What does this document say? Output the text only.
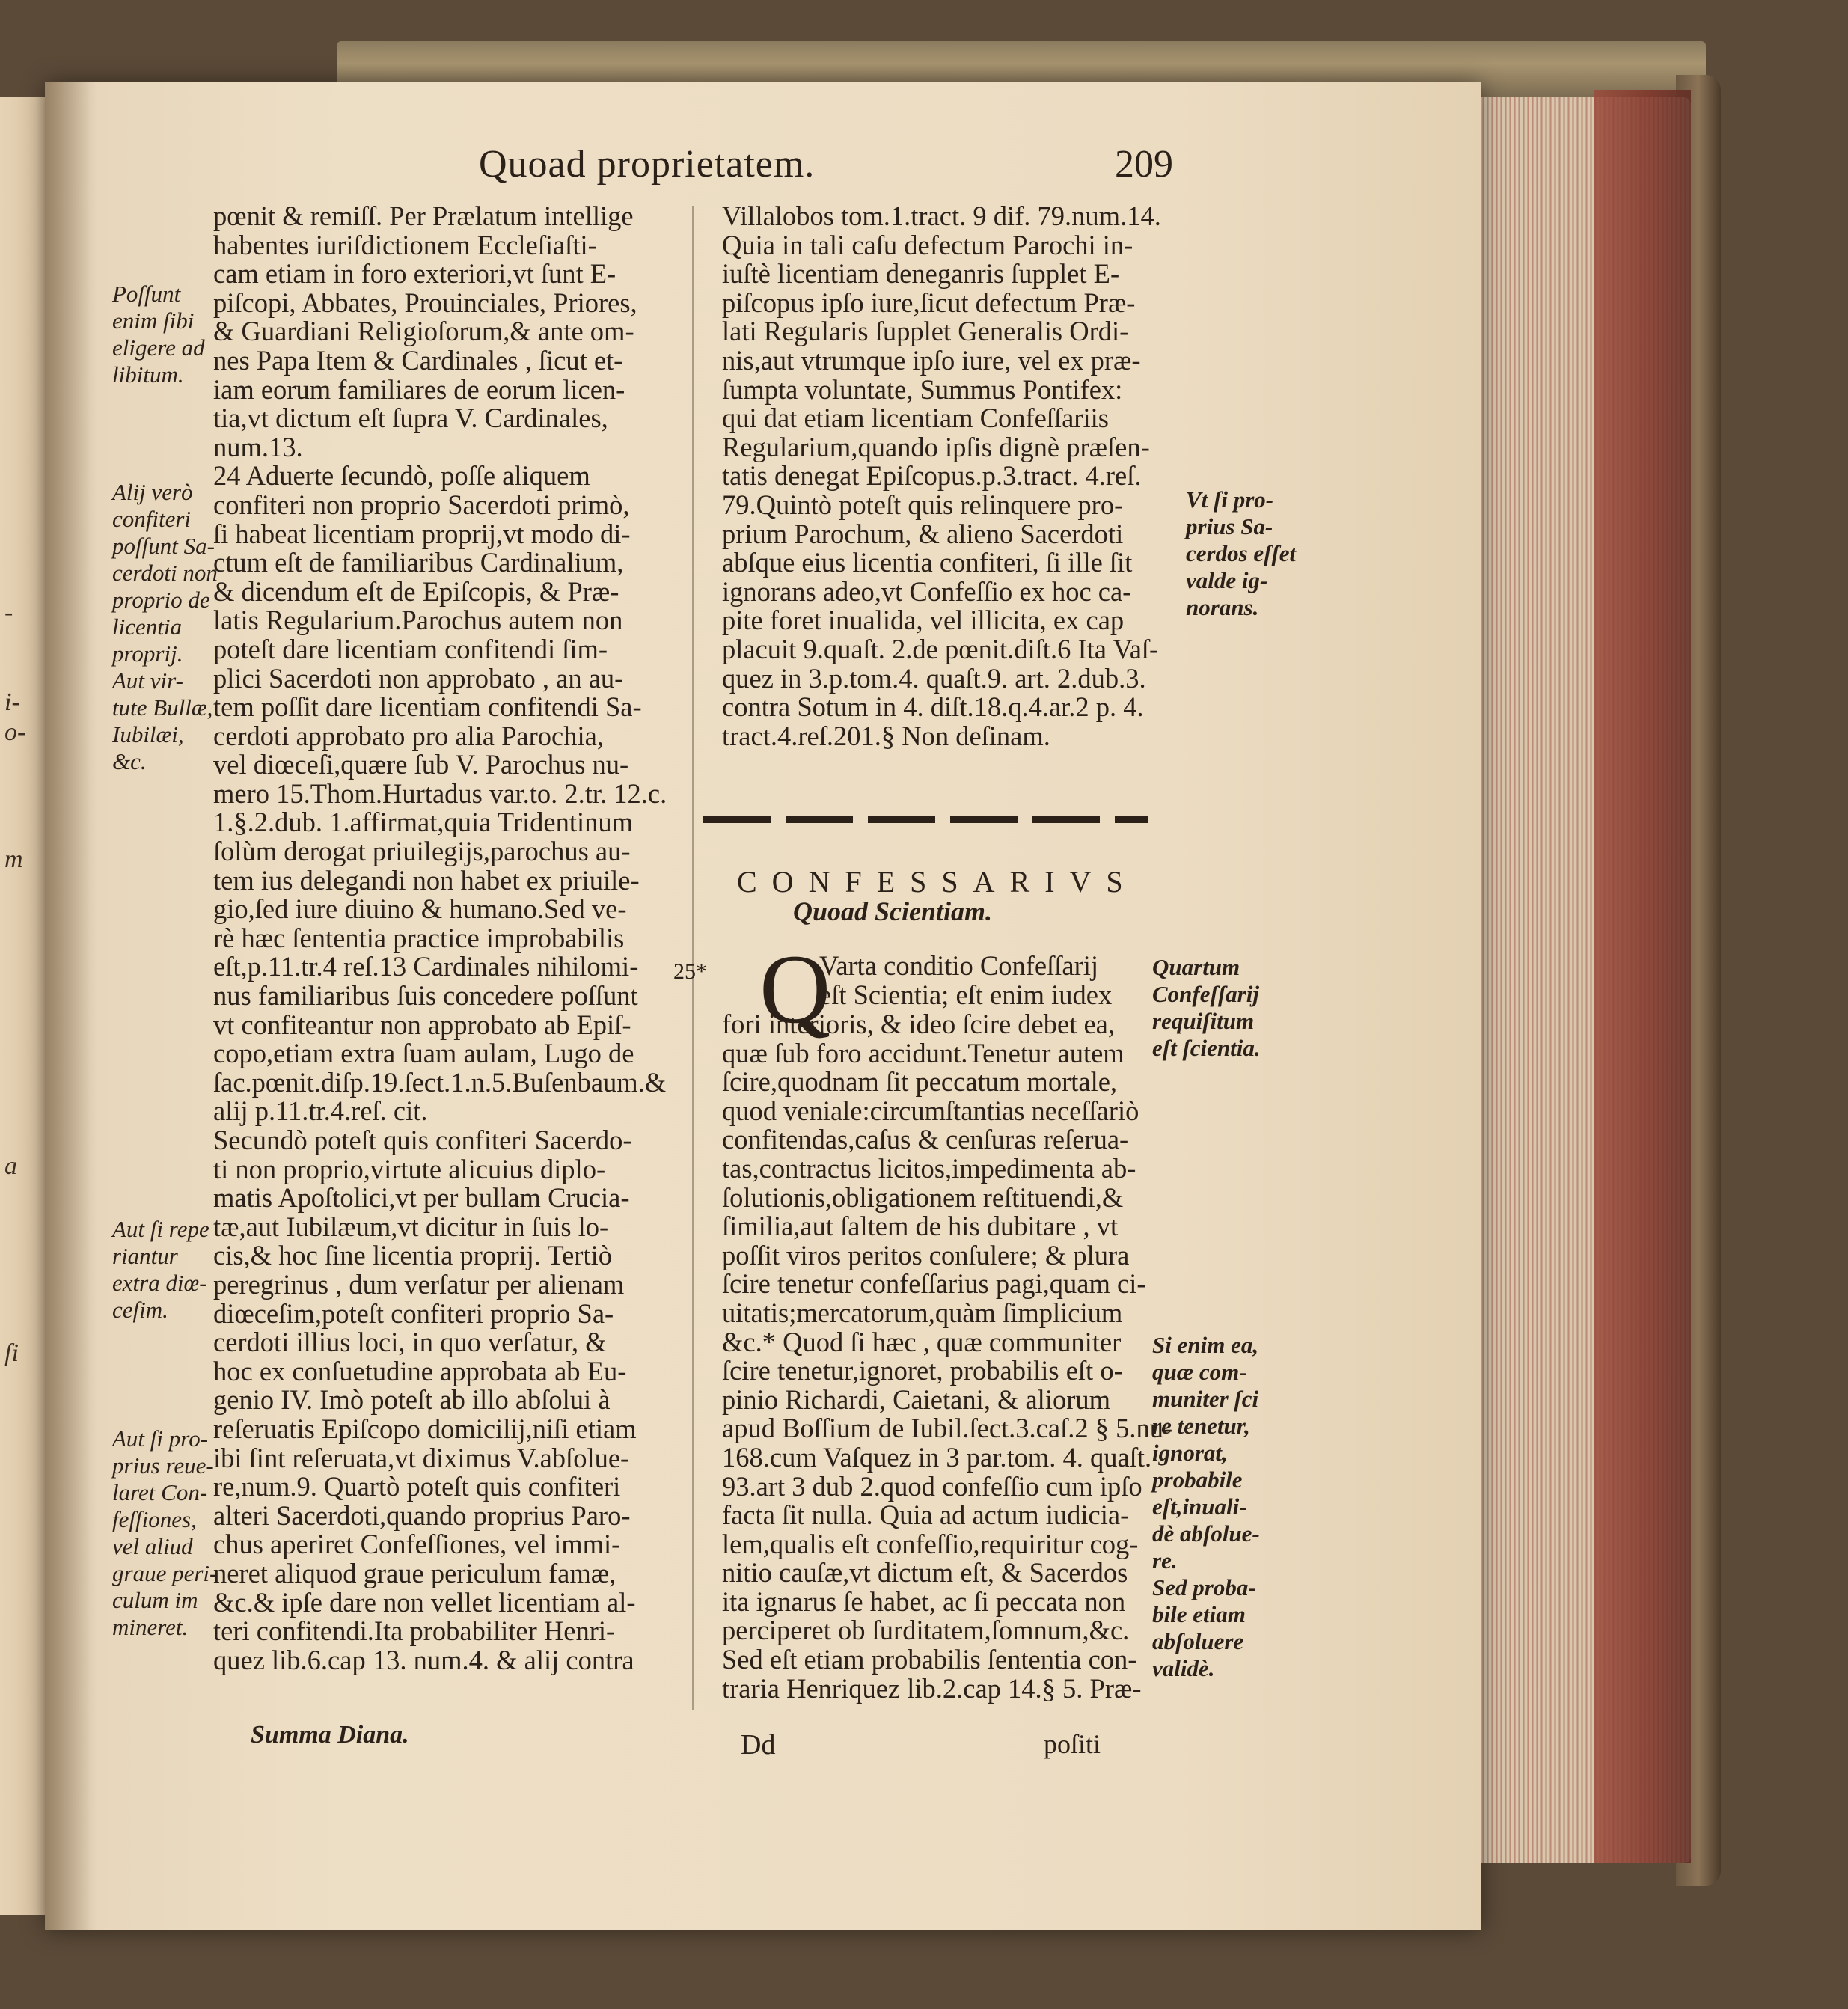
-
i-
o-
m
a
ſi
Quoad proprietatem.	209
pœnit & remiſſ. Per Prælatum intellige
habentes iuriſdictionem Eccleſiaſti-
cam etiam in foro exteriori,vt ſunt E-
piſcopi, Abbates, Prouinciales, Priores,
& Guardiani Religioſorum,& ante om-
nes Papa Item & Cardinales , ſicut et-
iam eorum familiares de eorum licen-
tia,vt dictum eſt ſupra V. Cardinales,
num.13.
24 Aduerte ſecundò, poſſe aliquem
confiteri non proprio Sacerdoti primò,
ſi habeat licentiam proprij,vt modo di-
ctum eſt de familiaribus Cardinalium,
& dicendum eſt de Epiſcopis, & Præ-
latis Regularium.Parochus autem non
poteſt dare licentiam confitendi ſim-
plici Sacerdoti non approbato , an au-
tem poſſit dare licentiam confitendi Sa-
cerdoti approbato pro alia Parochia,
vel diœceſi,quære ſub V. Parochus nu-
mero 15.Thom.Hurtadus var.to. 2.tr. 12.c.
1.§.2.dub. 1.affirmat,quia Tridentinum
ſolùm derogat priuilegijs,parochus au-
tem ius delegandi non habet ex priuile-
gio,ſed iure diuino & humano.Sed ve-
rè hæc ſententia practice improbabilis
eſt,p.11.tr.4 reſ.13 Cardinales nihilomi-
nus familiaribus ſuis concedere poſſunt
vt confiteantur non approbato ab Epiſ-
copo,etiam extra ſuam aulam, Lugo de
ſac.pœnit.diſp.19.ſect.1.n.5.Buſenbaum.&
alij p.11.tr.4.reſ. cit.
Secundò poteſt quis confiteri Sacerdo-
ti non proprio,virtute alicuius diplo-
matis Apoſtolici,vt per bullam Crucia-
tæ,aut Iubilæum,vt dicitur in ſuis lo-
cis,& hoc ſine licentia proprij. Tertiò
peregrinus , dum verſatur per alienam
diœceſim,poteſt confiteri proprio Sa-
cerdoti illius loci, in quo verſatur, &
hoc ex conſuetudine approbata ab Eu-
genio IV. Imò poteſt ab illo abſolui à
reſeruatis Epiſcopo domicilij,niſi etiam
ibi ſint reſeruata,vt diximus V.abſolue-
re,num.9. Quartò poteſt quis confiteri
alteri Sacerdoti,quando proprius Paro-
chus aperiret Confeſſiones, vel immi-
neret aliquod graue periculum famæ,
&c.& ipſe dare non vellet licentiam al-
teri confitendi.Ita probabiliter Henri-
quez lib.6.cap 13. num.4. & alij contra
Summa Diana.
Poſſunt
enim ſibi
eligere ad
libitum.
Alij verò
confiteri
poſſunt Sa-
cerdoti non
proprio de
licentia
proprij.
Aut vir-
tute Bullæ,
Iubilæi,
&c.
Aut ſi repe
riantur
extra diœ-
ceſim.
Aut ſi pro-
prius reue-
laret Con-
feſſiones,
vel aliud
graue peri-
culum im
mineret.
Villalobos tom.1.tract. 9 dif. 79.num.14.
Quia in tali caſu defectum Parochi in-
iuſtè licentiam deneganris ſupplet E-
piſcopus ipſo iure,ſicut defectum Præ-
lati Regularis ſupplet Generalis Ordi-
nis,aut vtrumque ipſo iure, vel ex præ-
ſumpta voluntate, Summus Pontifex:
qui dat etiam licentiam Confeſſariis
Regularium,quando ipſis dignè præſen-
tatis denegat Epiſcopus.p.3.tract. 4.reſ.
79.Quintò poteſt quis relinquere pro-
prium Parochum, & alieno Sacerdoti
abſque eius licentia confiteri, ſi ille ſit
ignorans adeo,vt Confeſſio ex hoc ca-
pite foret inualida, vel illicita, ex cap
placuit 9.quaſt. 2.de pœnit.diſt.6 Ita Vaſ-
quez in 3.p.tom.4. quaſt.9. art. 2.dub.3.
contra Sotum in 4. diſt.18.q.4.ar.2 p. 4.
tract.4.reſ.201.§ Non deſinam.
CONFESSARIVS
Quoad Scientiam.
25* Q
Varta conditio Confeſſarij
eſt Scientia; eſt enim iudex
fori interioris, & ideo ſcire debet ea,
quæ ſub foro accidunt.Tenetur autem
ſcire,quodnam ſit peccatum mortale,
quod veniale:circumſtantias neceſſariò
confitendas,caſus & cenſuras reſerua-
tas,contractus licitos,impedimenta ab-
ſolutionis,obligationem reſtituendi,&
ſimilia,aut ſaltem de his dubitare , vt
poſſit viros peritos conſulere; & plura
ſcire tenetur confeſſarius pagi,quam ci-
uitatis;mercatorum,quàm ſimplicium
&c.* Quod ſi hæc , quæ communiter
ſcire tenetur,ignoret, probabilis eſt o-
pinio Richardi, Caietani, & aliorum
apud Boſſium de Iubil.ſect.3.caſ.2 § 5.nu-
168.cum Vaſquez in 3 par.tom. 4. quaſt.
93.art 3 dub 2.quod confeſſio cum ipſo
facta ſit nulla. Quia ad actum iudicia-
lem,qualis eſt confeſſio,requiritur cog-
nitio cauſæ,vt dictum eſt, & Sacerdos
ita ignarus ſe habet, ac ſi peccata non
perciperet ob ſurditatem,ſomnum,&c.
Sed eſt etiam probabilis ſententia con-
traria Henriquez lib.2.cap 14.§ 5. Præ-
Vt ſi pro-
prius Sa-
cerdos eſſet
valde ig-
norans.
Quartum
Confeſſarij
requiſitum
eſt ſcientia.
Si enim ea,
quæ com-
muniter ſci
re tenetur,
ignorat,
probabile
eſt,inuali-
dè abſolue-
re.
Sed proba-
bile etiam
abſoluere
validè.
Dd	poſiti
